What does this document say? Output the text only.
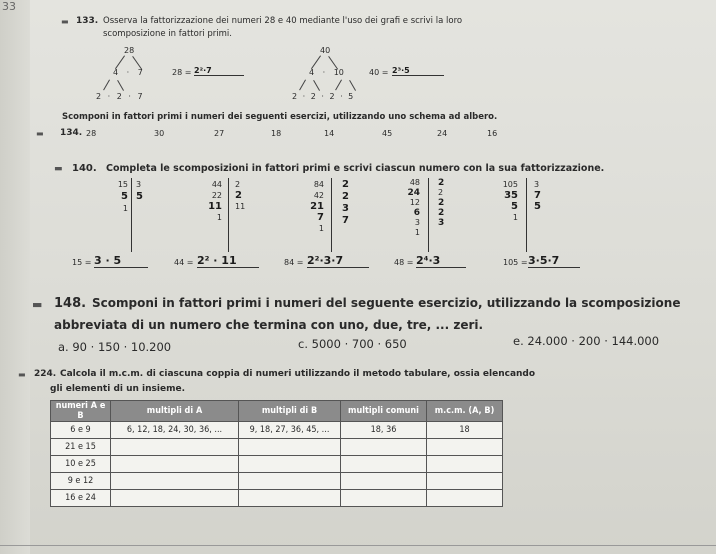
33
▬ 133. Osserva la fattorizzazione dei numeri 28 e 40 mediante l'uso dei grafi e scrivi la loro
scomposizione in fattori primi.
28
4 · 7
2 · 2 · 7
28 = 2²·7
40
4 · 10
2 · 2 · 2 · 5
40 = 2³·5
Scomponi in fattori primi i numeri dei seguenti esercizi, utilizzando uno schema ad albero.
▬ 134. 28	30	27	18	14	45	24	16
▬ 140. Completa le scomposizioni in fattori primi e scrivi ciascun numero con la sua fattorizzazione.
15
5
1
3
5
15 = 3 · 5
44
22
11
1
2
2
11
44 = 2² · 11
84
42
21
7
1
2
2
3
7
84 = 2²·3·7
48
24
12
6
3
1
2
2
2
2
3
48 = 2⁴·3
105
35
5
1
3
7
5
105 = 3·5·7
▬ 148. Scomponi in fattori primi i numeri del seguente esercizio, utilizzando la scomposizione
abbreviata di un numero che termina con uno, due, tre, ... zeri.
a. 90 · 150 · 10.200	c. 5000 · 700 · 650	e. 24.000 · 200 · 144.000
▬ 224. Calcola il m.c.m. di ciascuna coppia di numeri utilizzando il metodo tabulare, ossia elencando
gli elementi di un insieme.
numeri A e B	multipli di A	multipli di B	multipli comuni	m.c.m. (A, B)
6 e 9	6, 12, 18, 24, 30, 36, ...	9, 18, 27, 36, 45, ...	18, 36	18
21 e 15				
10 e 25				
9 e 12				
16 e 24				
